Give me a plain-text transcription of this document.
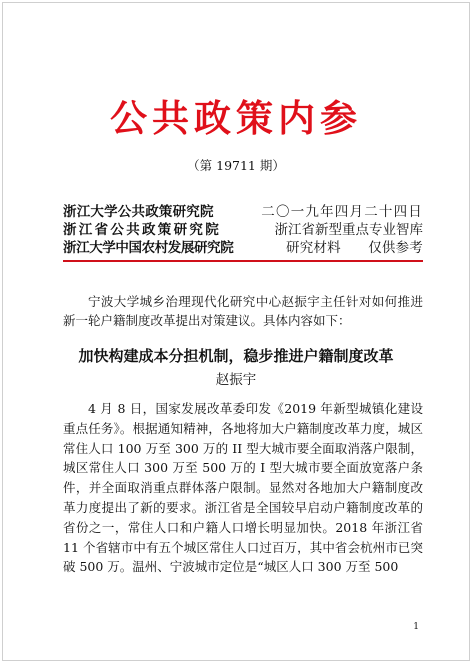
公共政策内参
（第 19711 期）
浙江大学公共政策研究院	二〇一九年四月二十四日
浙江省公共政策研究院	浙江省新型重点专业智库
浙江大学中国农村发展研究院	研究材料　　仅供参考
宁波大学城乡治理现代化研究中心赵振宇主任针对如何推进新一轮户籍制度改革提出对策建议。具体内容如下：
加快构建成本分担机制，稳步推进户籍制度改革
赵振宇
4 月 8 日，国家发展改革委印发《2019 年新型城镇化建设重点任务》。根据通知精神，各地将加大户籍制度改革力度，城区常住人口 100 万至 300 万的 II 型大城市要全面取消落户限制，城区常住人口 300 万至 500 万的 I 型大城市要全面放宽落户条件，并全面取消重点群体落户限制。显然对各地加大户籍制度改革力度提出了新的要求。浙江省是全国较早启动户籍制度改革的省份之一，常住人口和户籍人口增长明显加快。2018 年浙江省 11 个省辖市中有五个城区常住人口过百万，其中省会杭州市已突破 500 万。温州、宁波城市定位是“城区人口 300 万至 500
1
